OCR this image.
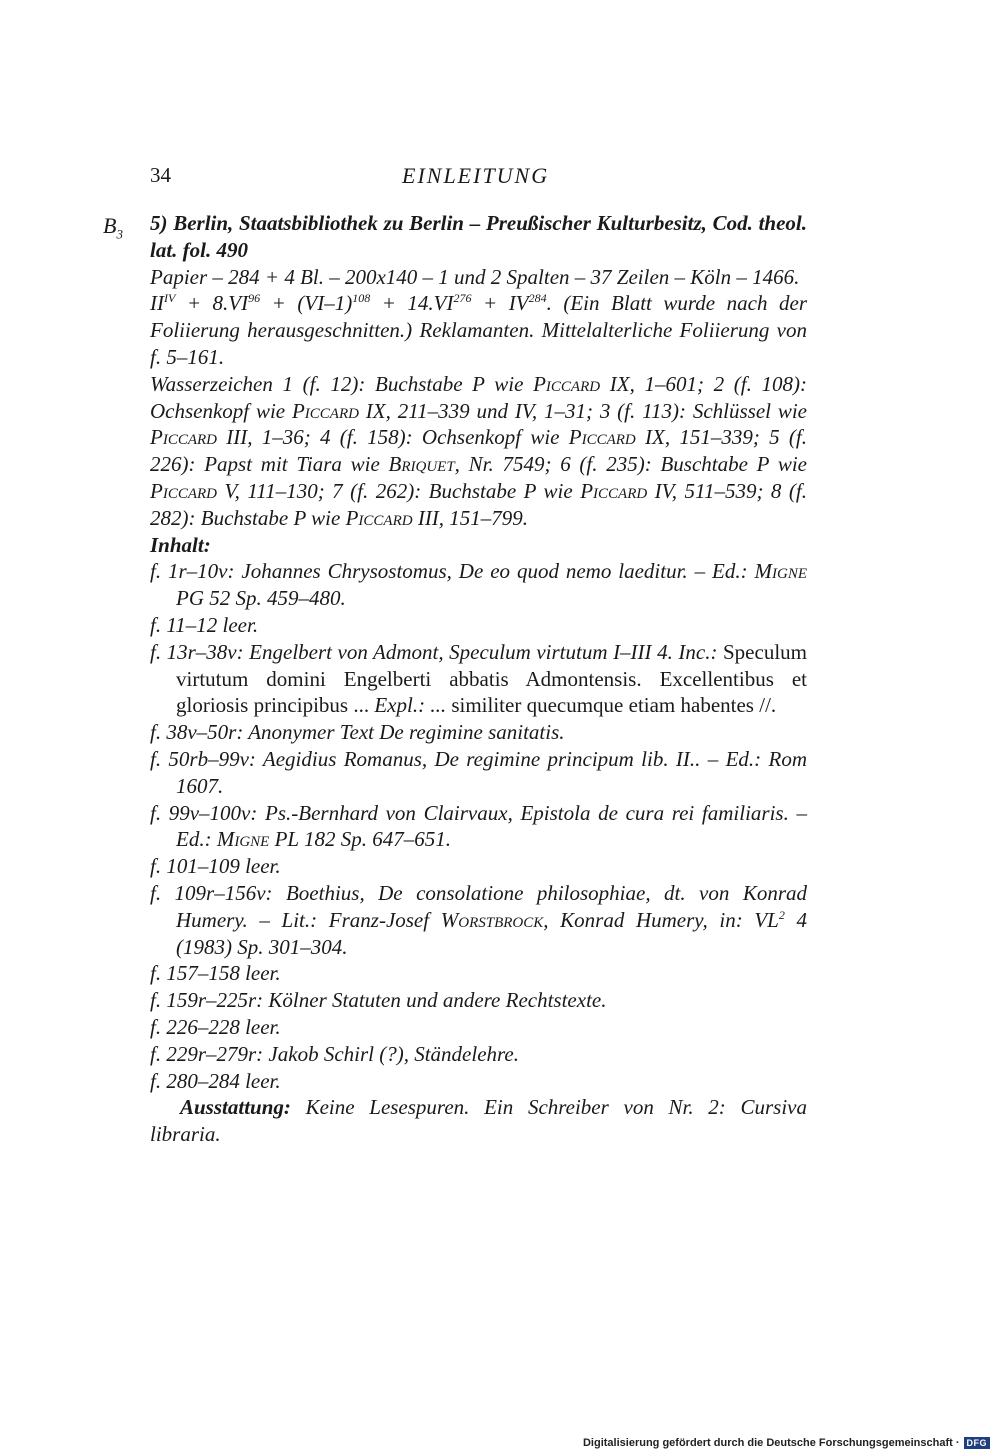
34	EINLEITUNG
$B_3$ 5) Berlin, Staatsbibliothek zu Berlin – Preußischer Kulturbesitz, Cod. theol. lat. fol. 490
Papier – 284 + 4 Bl. – 200x140 – 1 und 2 Spalten – 37 Zeilen – Köln – 1466.
$II^{IV} + 8.VI^{96} + (VI-1)^{108} + 14.VI^{276} + IV^{284}$. (Ein Blatt wurde nach der Foliierung herausgeschnitten.) Reklamanten. Mittelalterliche Foliierung von f. 5–161.
Wasserzeichen 1 (f. 12): Buchstabe P wie Piccard IX, 1–601; 2 (f. 108): Ochsenkopf wie Piccard IX, 211–339 und IV, 1–31; 3 (f. 113): Schlüssel wie Piccard III, 1–36; 4 (f. 158): Ochsenkopf wie Piccard IX, 151–339; 5 (f. 226): Papst mit Tiara wie Briquet, Nr. 7549; 6 (f. 235): Buschtabe P wie Piccard V, 111–130; 7 (f. 262): Buchstabe P wie Piccard IV, 511–539; 8 (f. 282): Buchstabe P wie Piccard III, 151–799.
Inhalt:
f. 1r–10v: Johannes Chrysostomus, De eo quod nemo laeditur. – Ed.: Migne PG 52 Sp. 459–480.
f. 11–12 leer.
f. 13r–38v: Engelbert von Admont, Speculum virtutum I–III 4. Inc.: Speculum virtutum domini Engelberti abbatis Admontensis. Excellentibus et gloriosis principibus ... Expl.: ... similiter quecumque etiam habentes //.
f. 38v–50r: Anonymer Text De regimine sanitatis.
f. 50rb–99v: Aegidius Romanus, De regimine principum lib. II.. – Ed.: Rom 1607.
f. 99v–100v: Ps.-Bernhard von Clairvaux, Epistola de cura rei familiaris. – Ed.: Migne PL 182 Sp. 647–651.
f. 101–109 leer.
f. 109r–156v: Boethius, De consolatione philosophiae, dt. von Konrad Humery. – Lit.: Franz-Josef Worstbrock, Konrad Humery, in: $VL^2$ 4 (1983) Sp. 301–304.
f. 157–158 leer.
f. 159r–225r: Kölner Statuten und andere Rechtstexte.
f. 226–228 leer.
f. 229r–279r: Jakob Schirl (?), Ständelehre.
f. 280–284 leer.
Ausstattung: Keine Lesespuren. Ein Schreiber von Nr. 2: Cursiva libraria.
Digitalisierung gefördert durch die Deutsche Forschungsgemeinschaft · DFG
